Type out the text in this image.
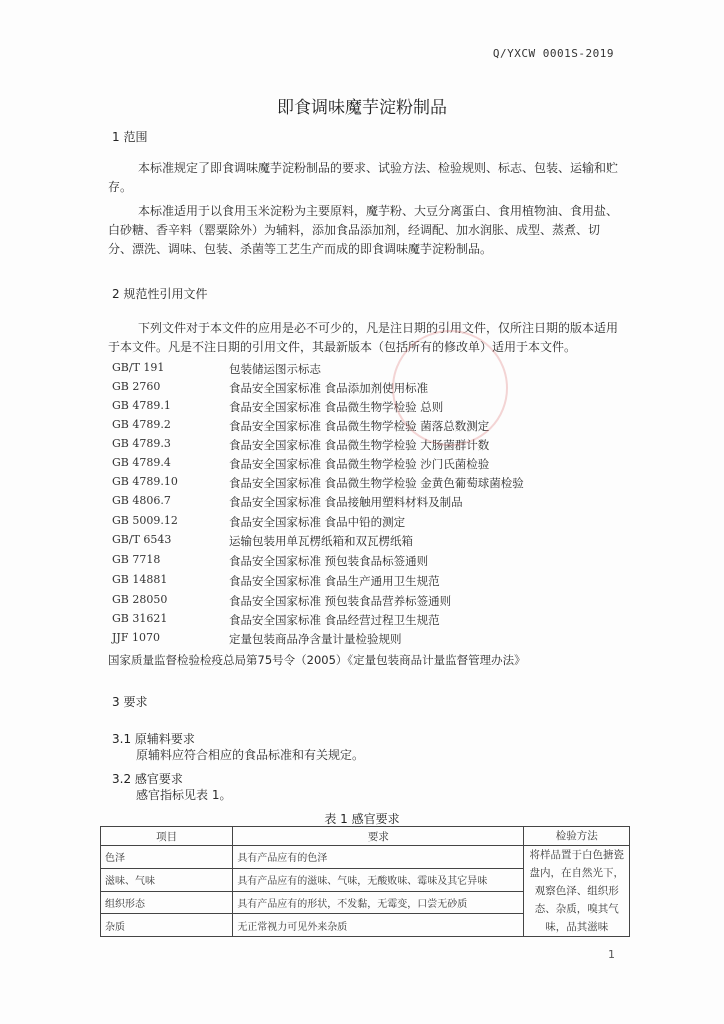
Q/YXCW 0001S-2019
即食调味魔芋淀粉制品
1 范围
本标准规定了即食调味魔芋淀粉制品的要求、试验方法、检验规则、标志、包装、运输和贮存。
本标准适用于以食用玉米淀粉为主要原料，魔芋粉、大豆分离蛋白、食用植物油、食用盐、白砂糖、香辛料（罂粟除外）为辅料，添加食品添加剂，经调配、加水润胀、成型、蒸煮、切分、漂洗、调味、包装、杀菌等工艺生产而成的即食调味魔芋淀粉制品。
2 规范性引用文件
下列文件对于本文件的应用是必不可少的，凡是注日期的引用文件，仅所注日期的版本适用于本文件。凡是不注日期的引用文件，其最新版本（包括所有的修改单）适用于本文件。
GB/T 191	包装储运图示标志
GB 2760	食品安全国家标准 食品添加剂使用标准
GB 4789.1	食品安全国家标准 食品微生物学检验 总则
GB 4789.2	食品安全国家标准 食品微生物学检验 菌落总数测定
GB 4789.3	食品安全国家标准 食品微生物学检验 大肠菌群计数
GB 4789.4	食品安全国家标准 食品微生物学检验 沙门氏菌检验
GB 4789.10	食品安全国家标准 食品微生物学检验 金黄色葡萄球菌检验
GB 4806.7	食品安全国家标准 食品接触用塑料材料及制品
GB 5009.12	食品安全国家标准 食品中铅的测定
GB/T 6543	运输包装用单瓦楞纸箱和双瓦楞纸箱
GB 7718	食品安全国家标准 预包装食品标签通则
GB 14881	食品安全国家标准 食品生产通用卫生规范
GB 28050	食品安全国家标准 预包装食品营养标签通则
GB 31621	食品安全国家标准 食品经营过程卫生规范
JJF 1070	定量包装商品净含量计量检验规则
国家质量监督检验检疫总局第75号令（2005）《定量包装商品计量监督管理办法》
3 要求
3.1 原辅料要求
原辅料应符合相应的食品标准和有关规定。
3.2 感官要求
感官指标见表 1。
表 1 感官要求
项目	要求	检验方法
色泽	具有产品应有的色泽	将样品置于白色搪瓷盘内，在自然光下，观察色泽、组织形态、杂质，嗅其气味，品其滋味
滋味、气味	具有产品应有的滋味、气味，无酸败味、霉味及其它异味	
组织形态	具有产品应有的形状，不发黏，无霉变，口尝无砂质	
杂质	无正常视力可见外来杂质	
1
